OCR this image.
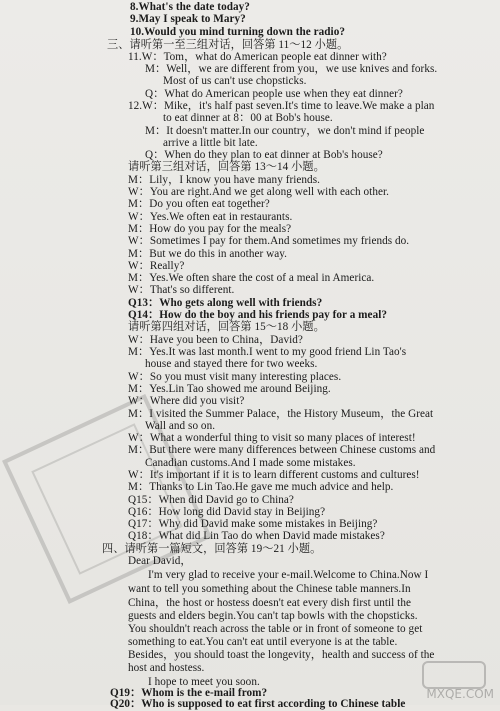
8.What's the date today?
9.May I speak to Mary?
10.Would you mind turning down the radio?
三、请听第一至三组对话，回答第 11～12 小题。
11.W：Tom，what do American people eat dinner with?
M：Well，we are different from you，we use knives and forks.
Most of us can't use chopsticks.
Q：What do American people use when they eat dinner?
12.W：Mike，it's half past seven.It's time to leave.We make a plan
to eat dinner at 8：00 at Bob's house.
M：It doesn't matter.In our country，we don't mind if people
arrive a little bit late.
Q：When do they plan to eat dinner at Bob's house?
请听第三组对话，回答第 13～14 小题。
M：Lily，I know you have many friends.
W：You are right.And we get along well with each other.
M：Do you often eat together?
W：Yes.We often eat in restaurants.
M：How do you pay for the meals?
W：Sometimes I pay for them.And sometimes my friends do.
M：But we do this in another way.
W：Really?
M：Yes.We often share the cost of a meal in America.
W：That's so different.
Q13：Who gets along well with friends?
Q14：How do the boy and his friends pay for a meal?
请听第四组对话，回答第 15～18 小题。
W：Have you been to China，David?
M：Yes.It was last month.I went to my good friend Lin Tao's
house and stayed there for two weeks.
W：So you must visit many interesting places.
M：Yes.Lin Tao showed me around Beijing.
W：Where did you visit?
M：I visited the Summer Palace，the History Museum，the Great
Wall and so on.
W：What a wonderful thing to visit so many places of interest!
M：But there were many differences between Chinese customs and
Canadian customs.And I made some mistakes.
W：It's important if it is to learn different customs and cultures!
M：Thanks to Lin Tao.He gave me much advice and help.
Q15：When did David go to China?
Q16：How long did David stay in Beijing?
Q17：Why did David make some mistakes in Beijing?
Q18：What did Lin Tao do when David made mistakes?
四、请听第一篇短文，回答第 19～21 小题。
Dear David，
I'm very glad to receive your e-mail.Welcome to China.Now I
want to tell you something about the Chinese table manners.In
China，the host or hostess doesn't eat every dish first until the
guests and elders begin.You can't tap bowls with the chopsticks.
You shouldn't reach across the table or in front of someone to get
something to eat.You can't eat until everyone is at the table.
Besides，you should toast the longevity，health and success of the
host and hostess.
I hope to meet you soon.
Q19：Whom is the e-mail from?
Q20：Who is supposed to eat first according to Chinese table
MXQE.COM
